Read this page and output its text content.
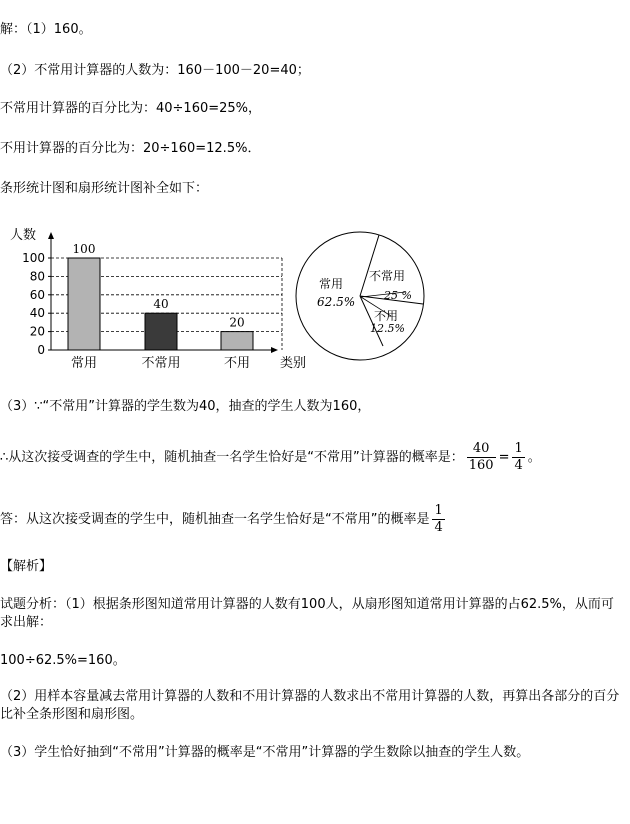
解：（1）160。
（2）不常用计算器的人数为：160－100－20=40；
不常用计算器的百分比为：40÷160=25%，
不用计算器的百分比为：20÷160=12.5%．
条形统计图和扇形统计图补全如下：
人数
0
20
40
60
80
100
100
40
20
常用	不常用	不用 类别
常用
62.5%
不常用
25 %
不用
12.5%
（3）∵“不常用”计算器的学生数为40，抽查的学生人数为160，
∴从这次接受调查的学生中，随机抽查一名学生恰好是“不常用”计算器的概率是： $\frac{40}{160} = \frac{1}{4}$ 。
答：从这次接受调查的学生中，随机抽查一名学生恰好是“不常用”的概率是 $\frac{1}{4}$
【解析】
试题分析：（1）根据条形图知道常用计算器的人数有100人，从扇形图知道常用计算器的占62.5%，从而可求出解：
100÷62.5%=160。
（2）用样本容量减去常用计算器的人数和不用计算器的人数求出不常用计算器的人数，再算出各部分的百分比补全条形图和扇形图。
（3）学生恰好抽到“不常用”计算器的概率是“不常用”计算器的学生数除以抽查的学生人数。
